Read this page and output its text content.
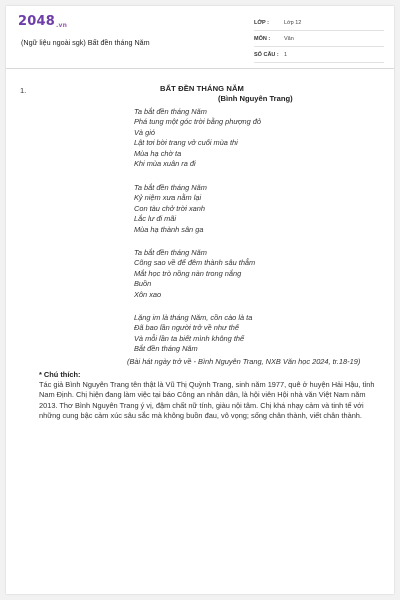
2048.vn
(Ngữ liệu ngoài sgk) Bất đền tháng Năm
LỚP :	Lớp 12
MÔN :	Văn
SỐ CÂU : 1
1.	BẤT ĐỀN THÁNG NĂM
(Bình Nguyên Trang)
Ta bắt đền tháng Năm
Phá tung một góc trời bằng phượng đỏ
Và gió
Lật tơi bời trang vở cuối mùa thi
Mùa hạ chờ ta
Khi mùa xuân ra đi
Ta bắt đền tháng Năm
Kỷ niệm xưa nằm lại
Con tàu chở trời xanh
Lắc lư đi mãi
Mùa hạ thành sân ga
Ta bắt đền tháng Năm
Cõng sao về để đêm thành sâu thẳm
Mắt học trò nồng nàn trong nắng
Buồn
Xôn xao
Lặng im là tháng Năm, cồn cào là ta
Đã bao lần người trở về như thế
Và mỗi lần ta biết mình không thể
Bắt đền tháng Năm
(Bài hát ngày trở về - Bình Nguyên Trang, NXB Văn học 2024, tr.18-19)
* Chú thích:
Tác giả Bình Nguyên Trang tên thật là Vũ Thị Quỳnh Trang, sinh năm 1977, quê ở huyện Hải Hậu, tỉnh Nam Định. Chị hiện đang làm việc tại báo Công an nhân dân, là hội viên Hội nhà văn Việt Nam năm 2013. Thơ Bình Nguyên Trang ý vị, đậm chất nữ tính, giàu nội tâm. Chị khá nhạy cảm và tinh tế với những cung bậc cảm xúc sâu sắc mà không buồn đau, vô vọng; sống chân thành, viết chân thành.
